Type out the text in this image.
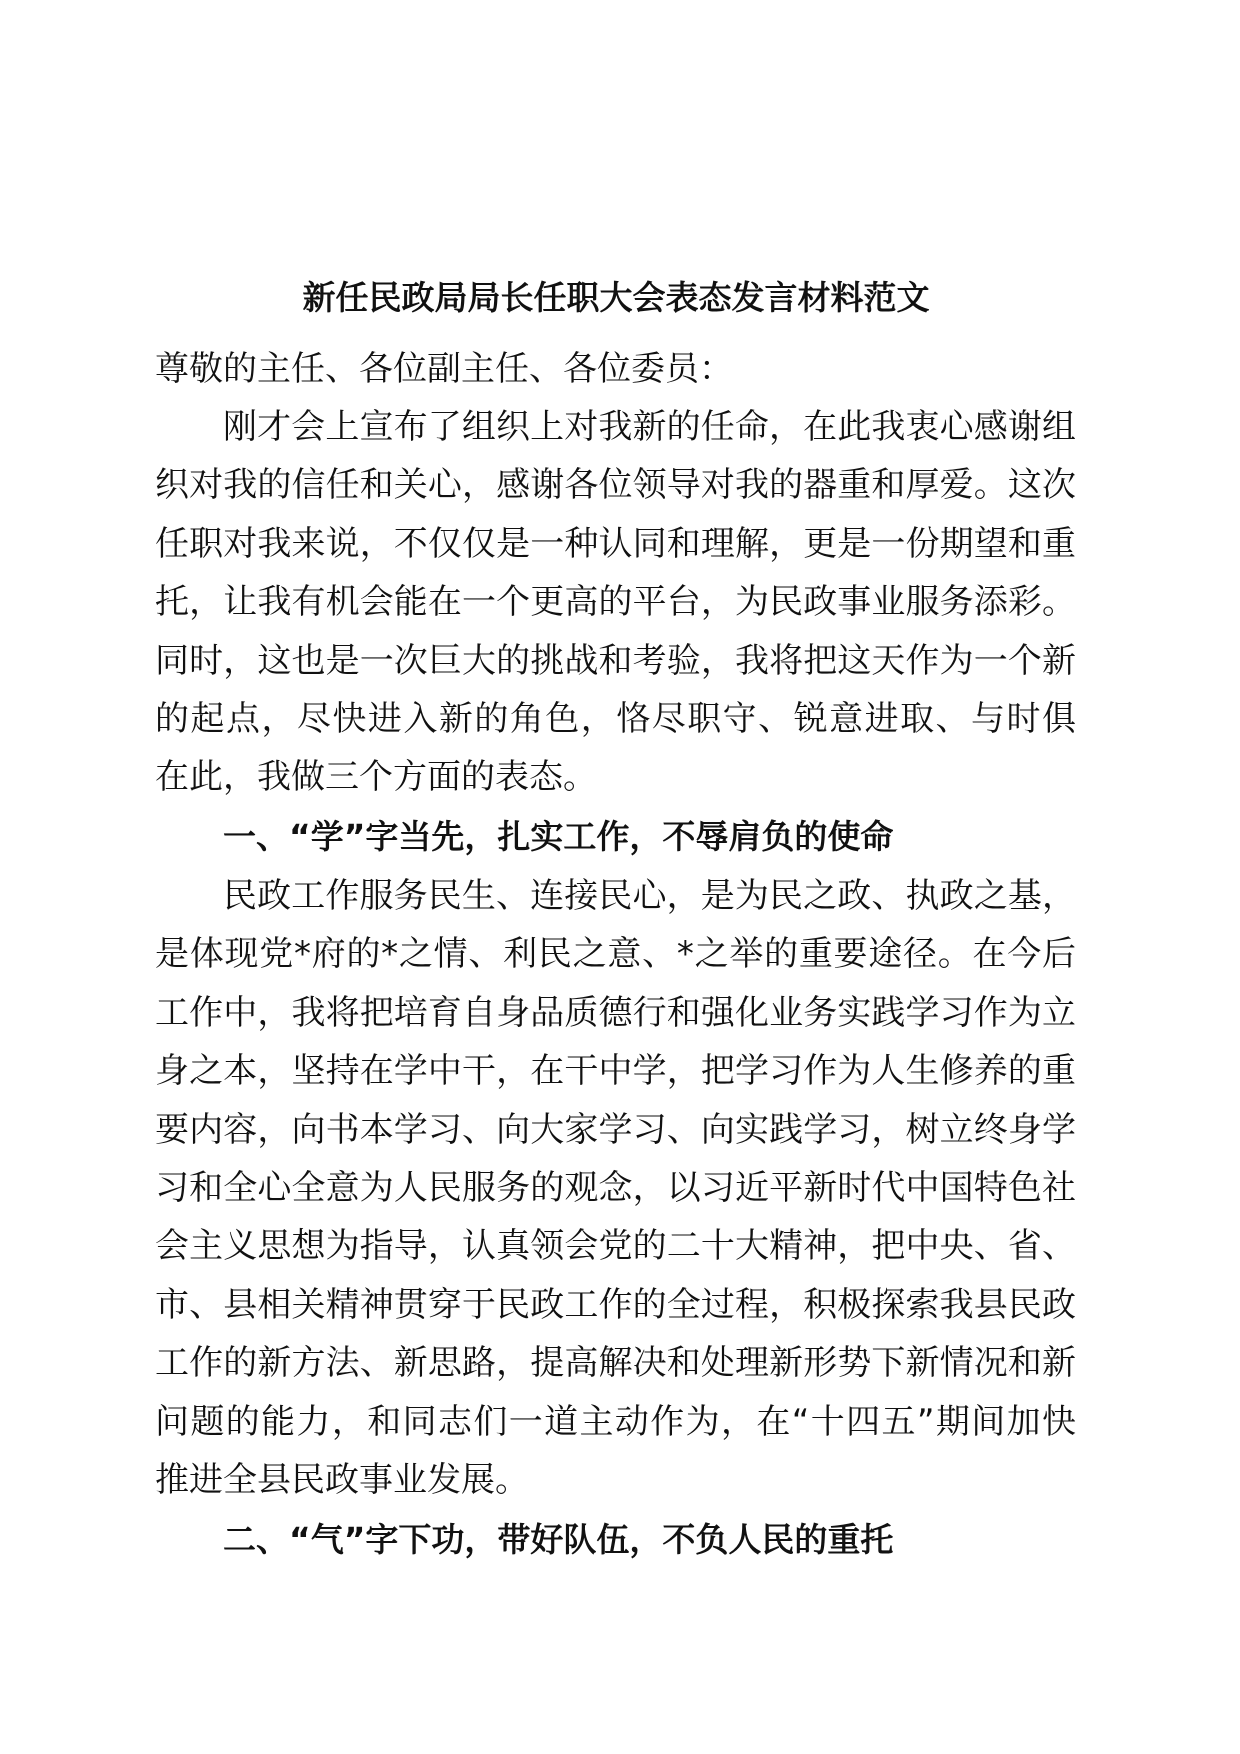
新任民政局局长任职大会表态发言材料范文
尊敬的主任、各位副主任、各位委员：
刚才会上宣布了组织上对我新的任命，在此我衷心感谢组
织对我的信任和关心，感谢各位领导对我的器重和厚爱。这次
任职对我来说，不仅仅是一种认同和理解，更是一份期望和重
托，让我有机会能在一个更高的平台，为民政事业服务添彩。
同时，这也是一次巨大的挑战和考验，我将把这天作为一个新
的起点，尽快进入新的角色，恪尽职守、锐意进取、与时俱
在此，我做三个方面的表态。
一、“学”字当先，扎实工作，不辱肩负的使命
民政工作服务民生、连接民心，是为民之政、执政之基，
是体现党*府的*之情、利民之意、*之举的重要途径。在今后
工作中，我将把培育自身品质德行和强化业务实践学习作为立
身之本，坚持在学中干，在干中学，把学习作为人生修养的重
要内容，向书本学习、向大家学习、向实践学习，树立终身学
习和全心全意为人民服务的观念，以习近平新时代中国特色社
会主义思想为指导，认真领会党的二十大精神，把中央、省、
市、县相关精神贯穿于民政工作的全过程，积极探索我县民政
工作的新方法、新思路，提高解决和处理新形势下新情况和新
问题的能力，和同志们一道主动作为，在“十四五”期间加快
推进全县民政事业发展。
二、“气”字下功，带好队伍，不负人民的重托
